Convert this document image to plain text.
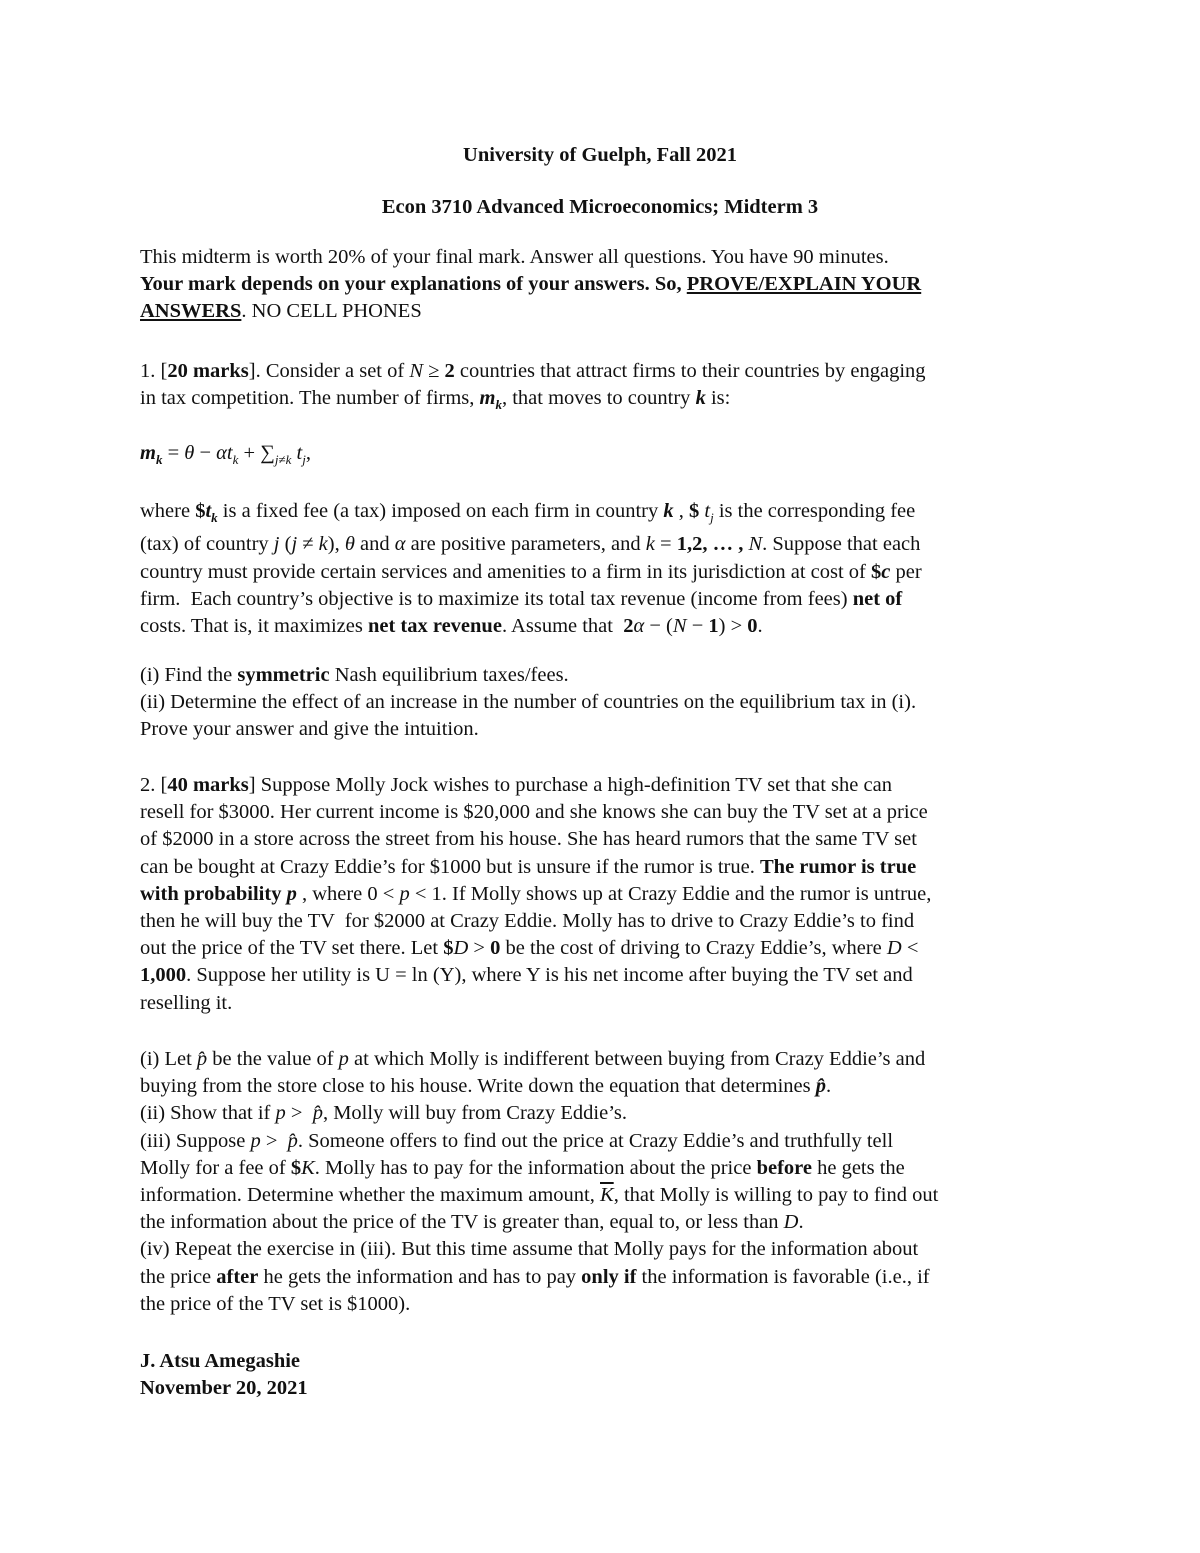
University of Guelph, Fall 2021
Econ 3710 Advanced Microeconomics; Midterm 3
This midterm is worth 20% of your final mark. Answer all questions. You have 90 minutes.
Your mark depends on your explanations of your answers. So, PROVE/EXPLAIN YOUR
ANSWERS. NO CELL PHONES
1. [20 marks]. Consider a set of N ≥ 2 countries that attract firms to their countries by engaging
in tax competition. The number of firms, $m_k$, that moves to country k is:
$m_k = \theta - \alpha t_k + \sum_{j\ne k}$ $t_j$,
where $\$t_k$ is a fixed fee (a tax) imposed on each firm in country k , $ $t_j$ is the corresponding fee
(tax) of country j (j ≠ k), θ and α are positive parameters, and k = 1,2, … , N. Suppose that each
country must provide certain services and amenities to a firm in its jurisdiction at cost of $c per
firm.  Each country’s objective is to maximize its total tax revenue (income from fees) net of
costs. That is, it maximizes net tax revenue. Assume that  2α − (N − 1) > 0.
(i) Find the symmetric Nash equilibrium taxes/fees.
(ii) Determine the effect of an increase in the number of countries on the equilibrium tax in (i).
Prove your answer and give the intuition.
2. [40 marks] Suppose Molly Jock wishes to purchase a high-definition TV set that she can
resell for $3000. Her current income is $20,000 and she knows she can buy the TV set at a price
of $2000 in a store across the street from his house. She has heard rumors that the same TV set
can be bought at Crazy Eddie’s for $1000 but is unsure if the rumor is true. The rumor is true
with probability p , where 0 < p < 1. If Molly shows up at Crazy Eddie and the rumor is untrue,
then he will buy the TV  for $2000 at Crazy Eddie. Molly has to drive to Crazy Eddie’s to find
out the price of the TV set there. Let $D > 0 be the cost of driving to Crazy Eddie’s, where D <
1,000. Suppose her utility is U = ln (Y), where Y is his net income after buying the TV set and
reselling it.
(i) Let p̂ be the value of p at which Molly is indifferent between buying from Crazy Eddie’s and
buying from the store close to his house. Write down the equation that determines p̂.
(ii) Show that if p >  p̂, Molly will buy from Crazy Eddie’s.
(iii) Suppose p >  p̂. Someone offers to find out the price at Crazy Eddie’s and truthfully tell
Molly for a fee of $K. Molly has to pay for the information about the price before he gets the
information. Determine whether the maximum amount, $\overline{K}$, that Molly is willing to pay to find out
the information about the price of the TV is greater than, equal to, or less than D.
(iv) Repeat the exercise in (iii). But this time assume that Molly pays for the information about
the price after he gets the information and has to pay only if the information is favorable (i.e., if
the price of the TV set is $1000).
J. Atsu Amegashie
November 20, 2021
